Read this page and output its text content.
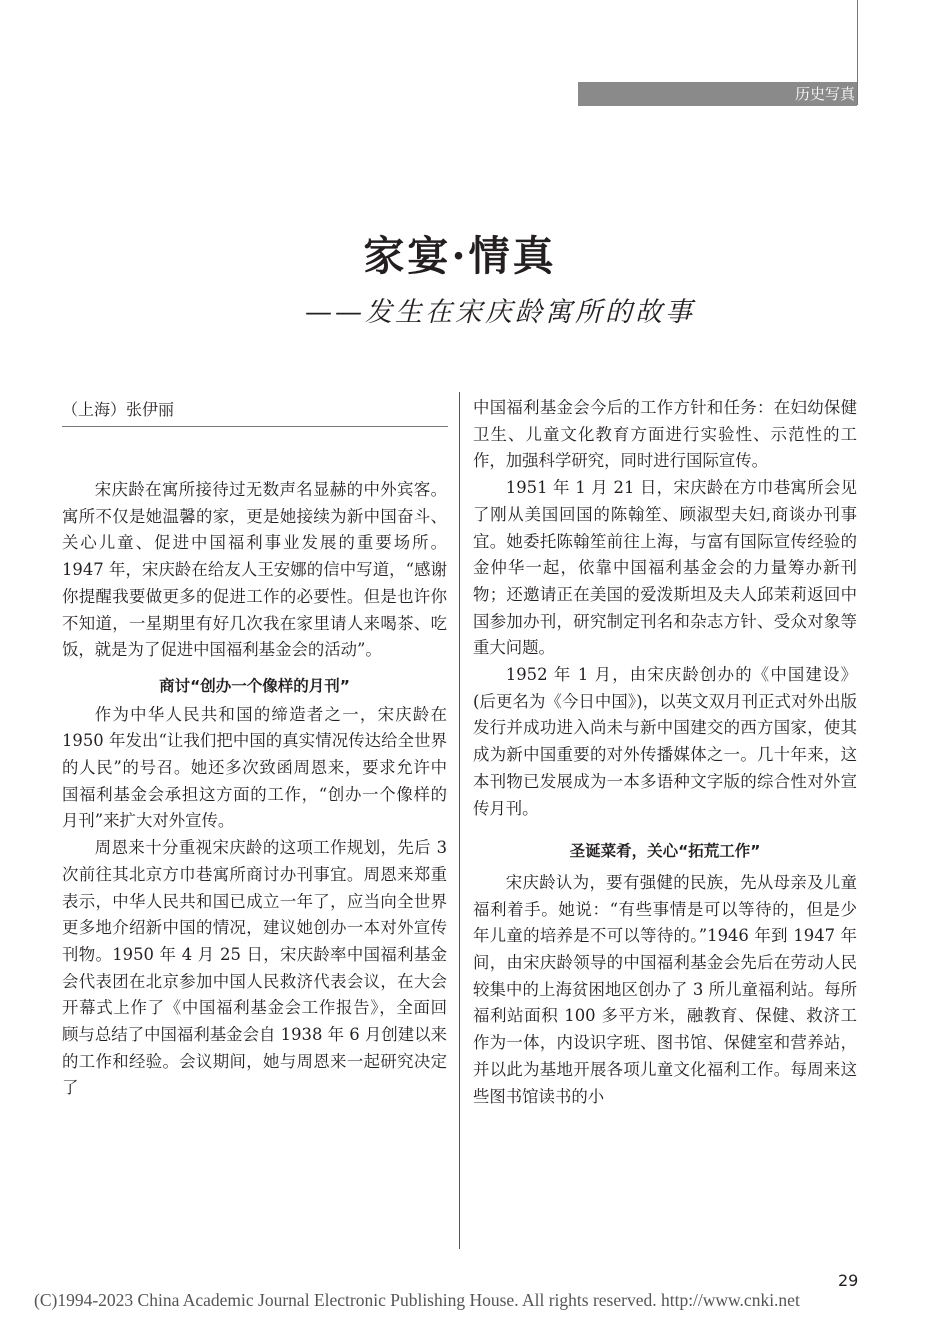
历史写真
家宴·情真
——发生在宋庆龄寓所的故事
（上海）张伊丽

宋庆龄在寓所接待过无数声名显赫的中外宾客。寓所不仅是她温馨的家，更是她接续为新中国奋斗、关心儿童、促进中国福利事业发展的重要场所。1947 年，宋庆龄在给友人王安娜的信中写道，“感谢你提醒我要做更多的促进工作的必要性。但是也许你不知道，一星期里有好几次我在家里请人来喝茶、吃饭，就是为了促进中国福利基金会的活动”。

商讨“创办一个像样的月刊”

作为中华人民共和国的缔造者之一，宋庆龄在 1950 年发出“让我们把中国的真实情况传达给全世界的人民”的号召。她还多次致函周恩来，要求允许中国福利基金会承担这方面的工作，“创办一个像样的月刊”来扩大对外宣传。

周恩来十分重视宋庆龄的这项工作规划，先后 3 次前往其北京方巾巷寓所商讨办刊事宜。周恩来郑重表示，中华人民共和国已成立一年了，应当向全世界更多地介绍新中国的情况，建议她创办一本对外宣传刊物。1950 年 4 月 25 日，宋庆龄率中国福利基金会代表团在北京参加中国人民救济代表会议，在大会开幕式上作了《中国福利基金会工作报告》，全面回顾与总结了中国福利基金会自 1938 年 6 月创建以来的工作和经验。会议期间，她与周恩来一起研究决定了

中国福利基金会今后的工作方针和任务：在妇幼保健卫生、儿童文化教育方面进行实验性、示范性的工作，加强科学研究，同时进行国际宣传。

1951 年 1 月 21 日，宋庆龄在方巾巷寓所会见了刚从美国回国的陈翰笙、顾淑型夫妇,商谈办刊事宜。她委托陈翰笙前往上海，与富有国际宣传经验的金仲华一起，依靠中国福利基金会的力量筹办新刊物；还邀请正在美国的爱泼斯坦及夫人邱茉莉返回中国参加办刊，研究制定刊名和杂志方针、受众对象等重大问题。

1952 年 1 月，由宋庆龄创办的《中国建设》(后更名为《今日中国》)，以英文双月刊正式对外出版发行并成功进入尚未与新中国建交的西方国家，使其成为新中国重要的对外传播媒体之一。几十年来，这本刊物已发展成为一本多语种文字版的综合性对外宣传月刊。

圣诞菜肴，关心“拓荒工作”

宋庆龄认为，要有强健的民族，先从母亲及儿童福利着手。她说：“有些事情是可以等待的，但是少年儿童的培养是不可以等待的。”1946 年到 1947 年间，由宋庆龄领导的中国福利基金会先后在劳动人民较集中的上海贫困地区创办了 3 所儿童福利站。每所福利站面积 100 多平方米，融教育、保健、救济工作为一体，内设识字班、图书馆、保健室和营养站，并以此为基地开展各项儿童文化福利工作。每周来这些图书馆读书的小

29
(C)1994-2023 China Academic Journal Electronic Publishing House. All rights reserved. http://www.cnki.net
